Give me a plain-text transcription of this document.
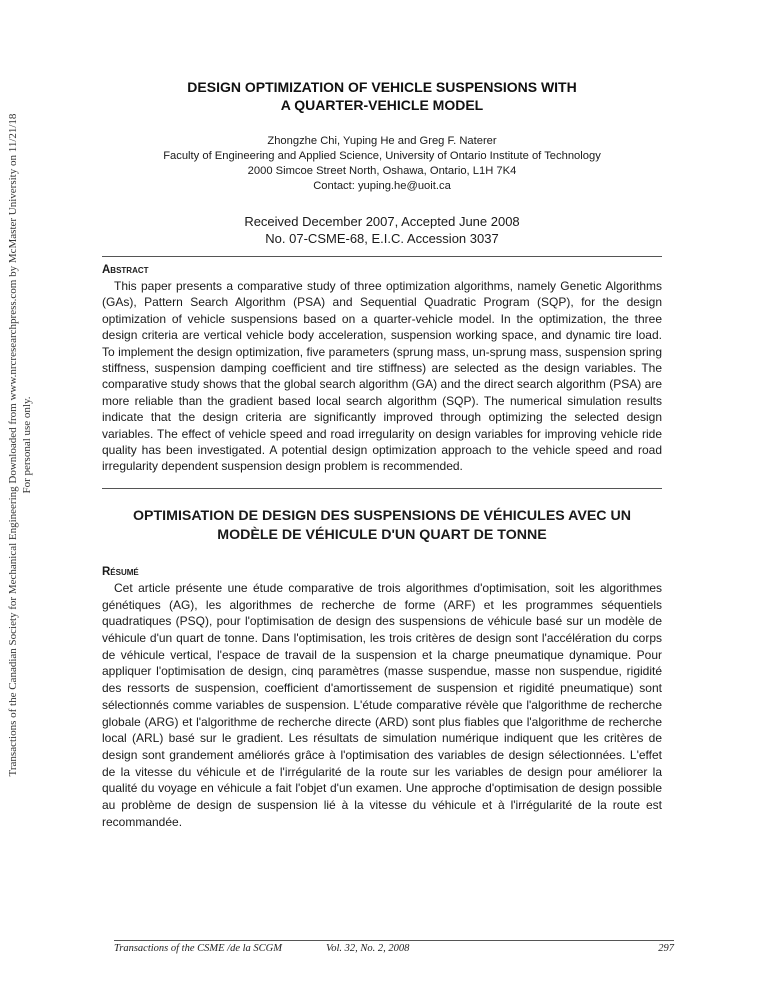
Transactions of the Canadian Society for Mechanical Engineering Downloaded from www.nrcresearchpress.com by McMaster University on 11/21/18 For personal use only.
DESIGN OPTIMIZATION OF VEHICLE SUSPENSIONS WITH
A QUARTER-VEHICLE MODEL
Zhongzhe Chi, Yuping He and Greg F. Naterer
Faculty of Engineering and Applied Science, University of Ontario Institute of Technology
2000 Simcoe Street North, Oshawa, Ontario, L1H 7K4
Contact: yuping.he@uoit.ca
Received December 2007, Accepted June 2008
No. 07-CSME-68, E.I.C. Accession 3037
Abstract

This paper presents a comparative study of three optimization algorithms, namely Genetic Algorithms (GAs), Pattern Search Algorithm (PSA) and Sequential Quadratic Program (SQP), for the design optimization of vehicle suspensions based on a quarter-vehicle model. In the optimization, the three design criteria are vertical vehicle body acceleration, suspension working space, and dynamic tire load. To implement the design optimization, five parameters (sprung mass, un-sprung mass, suspension spring stiffness, suspension damping coefficient and tire stiffness) are selected as the design variables. The comparative study shows that the global search algorithm (GA) and the direct search algorithm (PSA) are more reliable than the gradient based local search algorithm (SQP). The numerical simulation results indicate that the design criteria are significantly improved through optimizing the selected design variables. The effect of vehicle speed and road irregularity on design variables for improving vehicle ride quality has been investigated. A potential design optimization approach to the vehicle speed and road irregularity dependent suspension design problem is recommended.

OPTIMISATION DE DESIGN DES SUSPENSIONS DE VÉHICULES AVEC UN
MODÈLE DE VÉHICULE D'UN QUART DE TONNE
Résumé

Cet article présente une étude comparative de trois algorithmes d'optimisation, soit les algorithmes génétiques (AG), les algorithmes de recherche de forme (ARF) et les programmes séquentiels quadratiques (PSQ), pour l'optimisation de design des suspensions de véhicule basé sur un modèle de véhicule d'un quart de tonne. Dans l'optimisation, les trois critères de design sont l'accélération du corps de véhicule vertical, l'espace de travail de la suspension et la charge pneumatique dynamique. Pour appliquer l'optimisation de design, cinq paramètres (masse suspendue, masse non suspendue, rigidité des ressorts de suspension, coefficient d'amortissement de suspension et rigidité pneumatique) sont sélectionnés comme variables de suspension. L'étude comparative révèle que l'algorithme de recherche globale (ARG) et l'algorithme de recherche directe (ARD) sont plus fiables que l'algorithme de recherche local (ARL) basé sur le gradient. Les résultats de simulation numérique indiquent que les critères de design sont grandement améliorés grâce à l'optimisation des variables de design sélectionnées. L'effet de la vitesse du véhicule et de l'irrégularité de la route sur les variables de design pour améliorer la qualité du voyage en véhicule a fait l'objet d'un examen. Une approche d'optimisation de design possible au problème de design de suspension lié à la vitesse du véhicule et à l'irrégularité de la route est recommandée.

Transactions of the CSME /de la SCGM	Vol. 32, No. 2, 2008	297
